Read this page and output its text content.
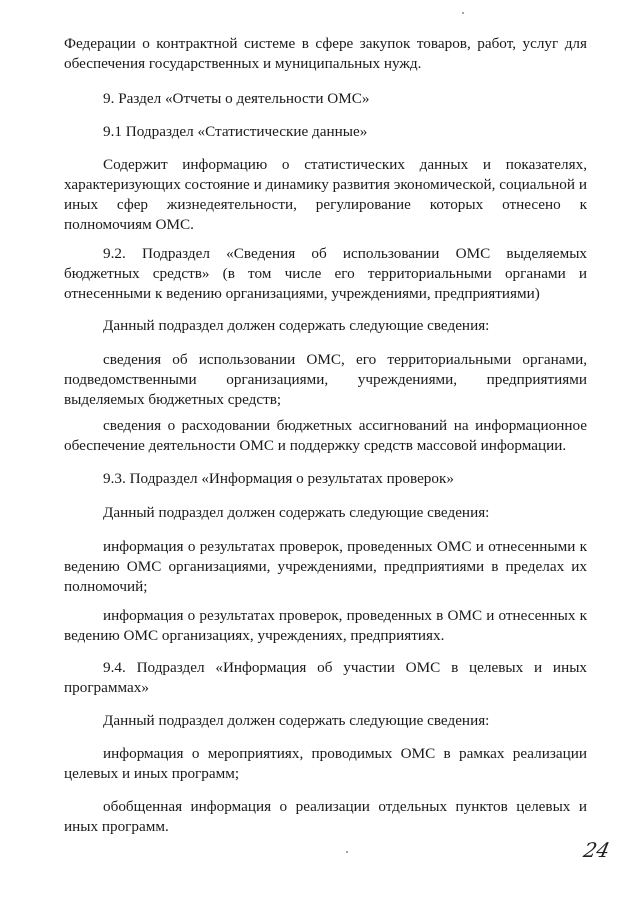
Федерации о контрактной системе в сфере закупок товаров, работ, услуг для обеспечения государственных и муниципальных нужд.

9. Раздел «Отчеты о деятельности ОМС»

9.1 Подраздел «Статистические данные»

Содержит информацию о статистических данных и показателях, характеризующих состояние и динамику развития экономической, социальной и иных сфер жизнедеятельности, регулирование которых отнесено к полномочиям ОМС.

9.2. Подраздел «Сведения об использовании ОМС выделяемых бюджетных средств» (в том числе его территориальными органами и отнесенными к ведению организациями, учреждениями, предприятиями)

Данный подраздел должен содержать следующие сведения:

сведения об использовании ОМС, его территориальными органами, подведомственными организациями, учреждениями, предприятиями выделяемых бюджетных средств;

сведения о расходовании бюджетных ассигнований на информационное обеспечение деятельности ОМС и поддержку средств массовой информации.

9.3. Подраздел «Информация о результатах проверок»

Данный подраздел должен содержать следующие сведения:

информация о результатах проверок, проведенных ОМС и отнесенными к ведению ОМС организациями, учреждениями, предприятиями в пределах их полномочий;

информация о результатах проверок, проведенных в ОМС и отнесенных к ведению ОМС организациях, учреждениях, предприятиях.

9.4. Подраздел «Информация об участии ОМС в целевых и иных программах»

Данный подраздел должен содержать следующие сведения:

информация о мероприятиях, проводимых ОМС в рамках реализации целевых и иных программ;

обобщенная информация о реализации отдельных пунктов целевых и иных программ.

24
